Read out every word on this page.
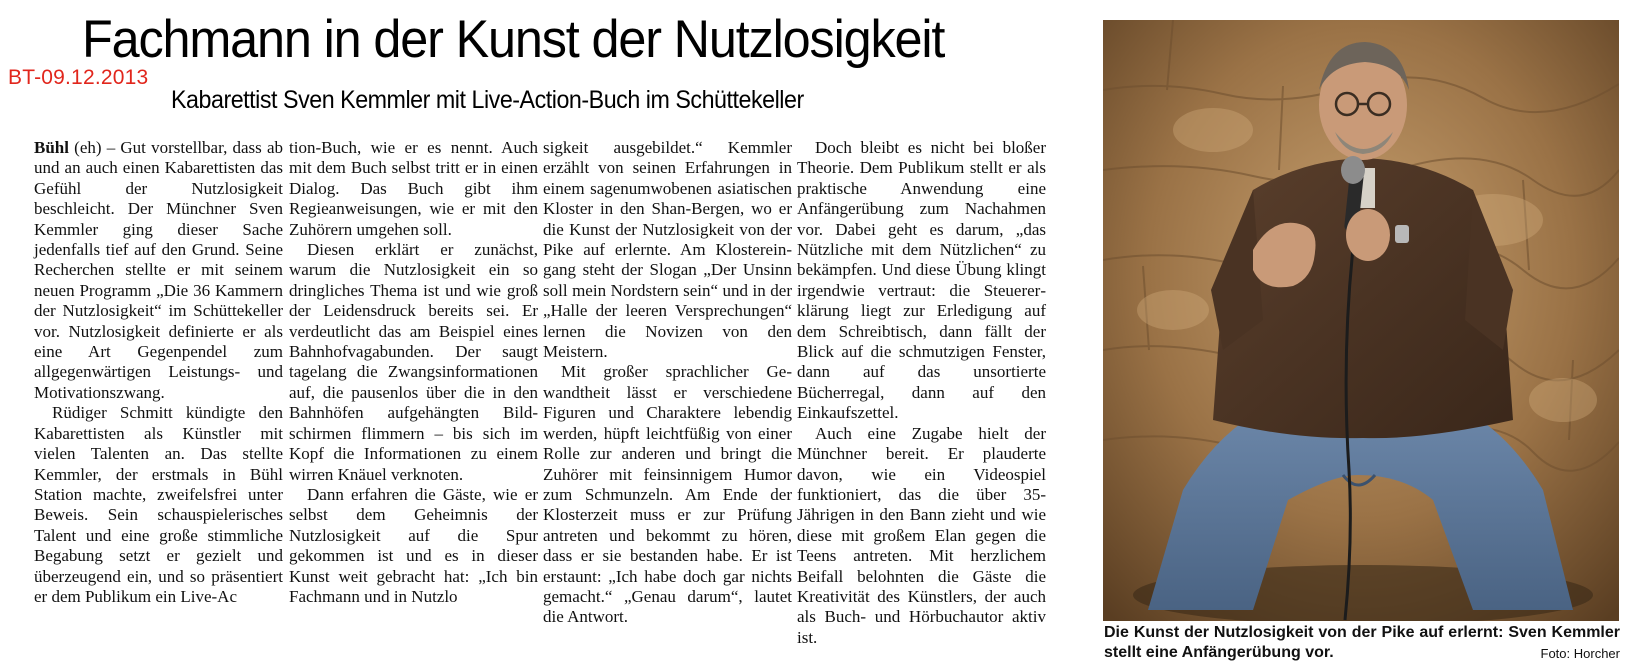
BT-09.12.2013
Fachmann in der Kunst der Nutzlosigkeit
Kabarettist Sven Kemmler mit Live-Action-Buch im Schüttekeller

Bühl (eh) – Gut vorstellbar, dass ab und an auch einen Kabarettisten das Gefühl der Nutzlosigkeit beschleicht. Der Münchner Sven Kemmler ging dieser Sache jedenfalls tief auf den Grund. Seine Recherchen stellte er mit seinem neuen Programm „Die 36 Kammern der Nutzlosigkeit“ im Schüttekeller vor. Nutzlosigkeit definierte er als eine Art Gegenpendel zum allgegenwärtigen Leistungs- und Motivationszwang.

Rüdiger Schmitt kündigte den Kabarettisten als Künstler mit vielen Talenten an. Das stellte Kemmler, der erstmals in Bühl Station machte, zweifelsfrei unter Beweis. Sein schauspielerisches Talent und eine große stimmliche Begabung setzt er gezielt und überzeugend ein, und so präsentiert er dem Publikum ein Live-Ac

tion-Buch, wie er es nennt. Auch mit dem Buch selbst tritt er in einen Dialog. Das Buch gibt ihm Regieanweisungen, wie er mit den Zuhörern umgehen soll.

Diesen erklärt er zunächst, warum die Nutzlosigkeit ein so dringliches Thema ist und wie groß der Leidensdruck bereits sei. Er verdeutlicht das am Beispiel eines Bahnhofvagabunden. Der saugt tagelang die Zwangsinformationen auf, die pausenlos über die in den Bahnhöfen aufgehängten Bildschirmen flimmern – bis sich im Kopf die Informationen zu einem wirren Knäuel verknoten.

Dann erfahren die Gäste, wie er selbst dem Geheimnis der Nutzlosigkeit auf die Spur gekommen ist und es in dieser Kunst weit gebracht hat: „Ich bin Fachmann und in Nutzlo

sigkeit ausgebildet.“ Kemmler erzählt von seinen Erfahrungen in einem sagenumwobenen asiatischen Kloster in den Shan-Bergen, wo er die Kunst der Nutzlosigkeit von der Pike auf erlernte. Am Klostereingang steht der Slogan „Der Unsinn soll mein Nordstern sein“ und in der „Halle der leeren Versprechungen“ lernen die Novizen von den Meistern.

Mit großer sprachlicher Gewandtheit lässt er verschiedene Figuren und Charaktere lebendig werden, hüpft leichtfüßig von einer Rolle zur anderen und bringt die Zuhörer mit feinsinnigem Humor zum Schmunzeln. Am Ende der Klosterzeit muss er zur Prüfung antreten und bekommt zu hören, dass er sie bestanden habe. Er ist erstaunt: „Ich habe doch gar nichts gemacht.“ „Genau darum“, lautet die Antwort.

Doch bleibt es nicht bei bloßer Theorie. Dem Publikum stellt er als praktische Anwendung eine Anfängerübung zum Nachahmen vor. Dabei geht es darum, „das Nützliche mit dem Nützlichen“ zu bekämpfen. Und diese Übung klingt irgendwie vertraut: die Steuererklärung liegt zur Erledigung auf dem Schreibtisch, dann fällt der Blick auf die schmutzigen Fenster, dann auf das unsortierte Bücherregal, dann auf den Einkaufszettel.

Auch eine Zugabe hielt der Münchner bereit. Er plauderte davon, wie ein Videospiel funktioniert, das die über 35-Jährigen in den Bann zieht und wie diese mit großem Elan gegen die Teens antreten. Mit herzlichem Beifall belohnten die Gäste die Kreativität des Künstlers, der auch als Buch- und Hörbuchautor aktiv ist.	Die Kunst der Nutzlosigkeit von der Pike auf erlernt: Sven Kemmler stellt eine Anfängerübung vor.	Foto: Horcher
